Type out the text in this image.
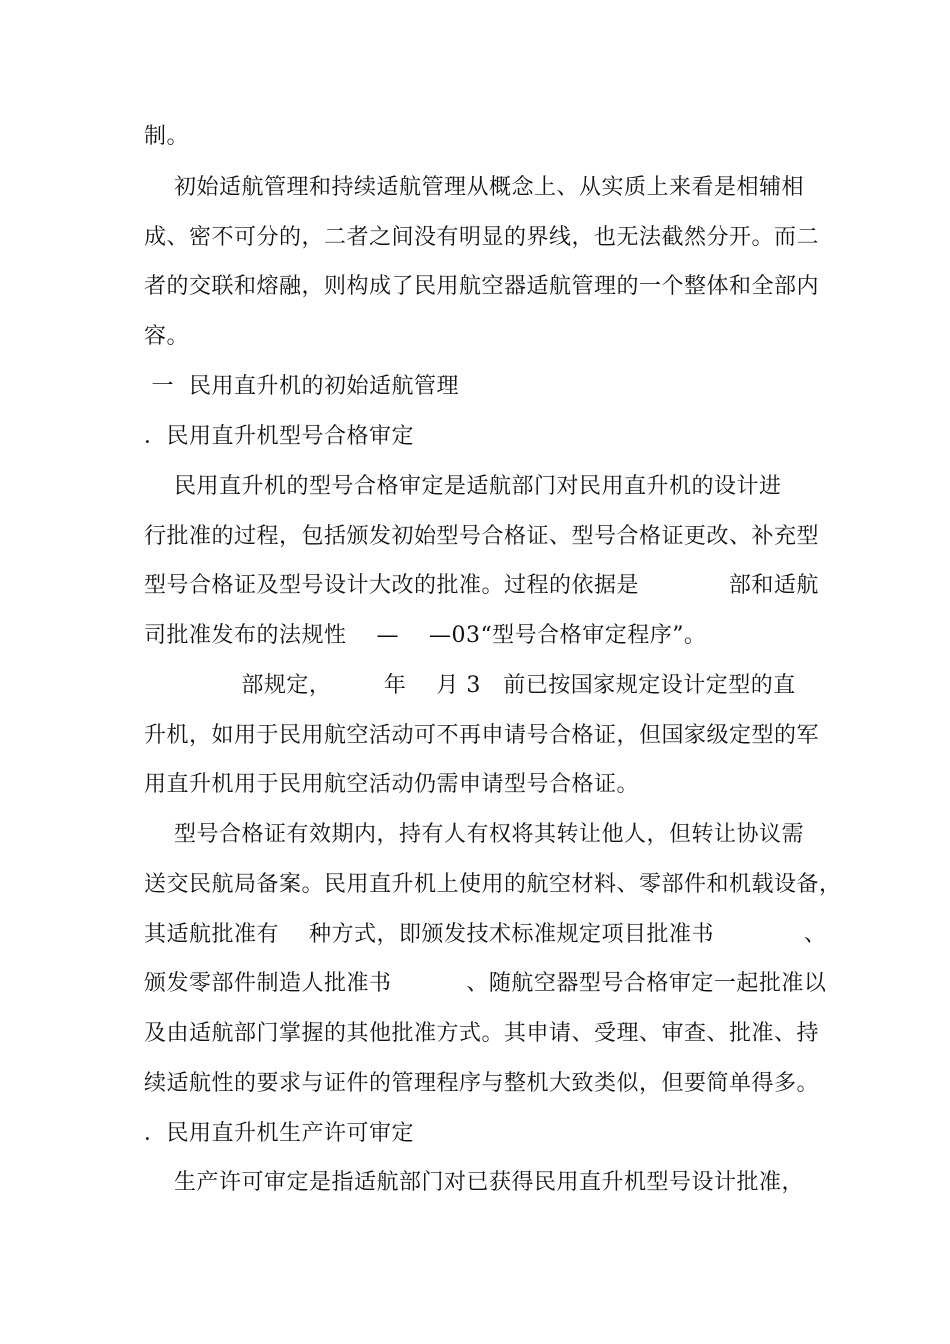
制。
初始适航管理和持续适航管理从概念上、从实质上来看是相辅相
成、密不可分的，二者之间没有明显的界线，也无法截然分开。而二
者的交联和熔融，则构成了民用航空器适航管理的一个整体和全部内
容。
一  民用直升机的初始适航管理
．民用直升机型号合格审定
民用直升机的型号合格审定是适航部门对民用直升机的设计进
行批准的过程，包括颁发初始型号合格证、型号合格证更改、补充型
型号合格证及型号设计大改的批准。过程的依据是            部和适航
司批准发布的法规性    —    —03“型号合格审定程序”。
部规定，       年    月 3   前已按国家规定设计定型的直
升机，如用于民用航空活动可不再申请号合格证，但国家级定型的军
用直升机用于民用航空活动仍需申请型号合格证。
型号合格证有效期内，持有人有权将其转让他人，但转让协议需
送交民航局备案。民用直升机上使用的航空材料、零部件和机载设备，
其适航批准有    种方式，即颁发技术标准规定项目批准书            、
颁发零部件制造人批准书          、随航空器型号合格审定一起批准以
及由适航部门掌握的其他批准方式。其申请、受理、审查、批准、持
续适航性的要求与证件的管理程序与整机大致类似，但要简单得多。
．民用直升机生产许可审定
生产许可审定是指适航部门对已获得民用直升机型号设计批准，
